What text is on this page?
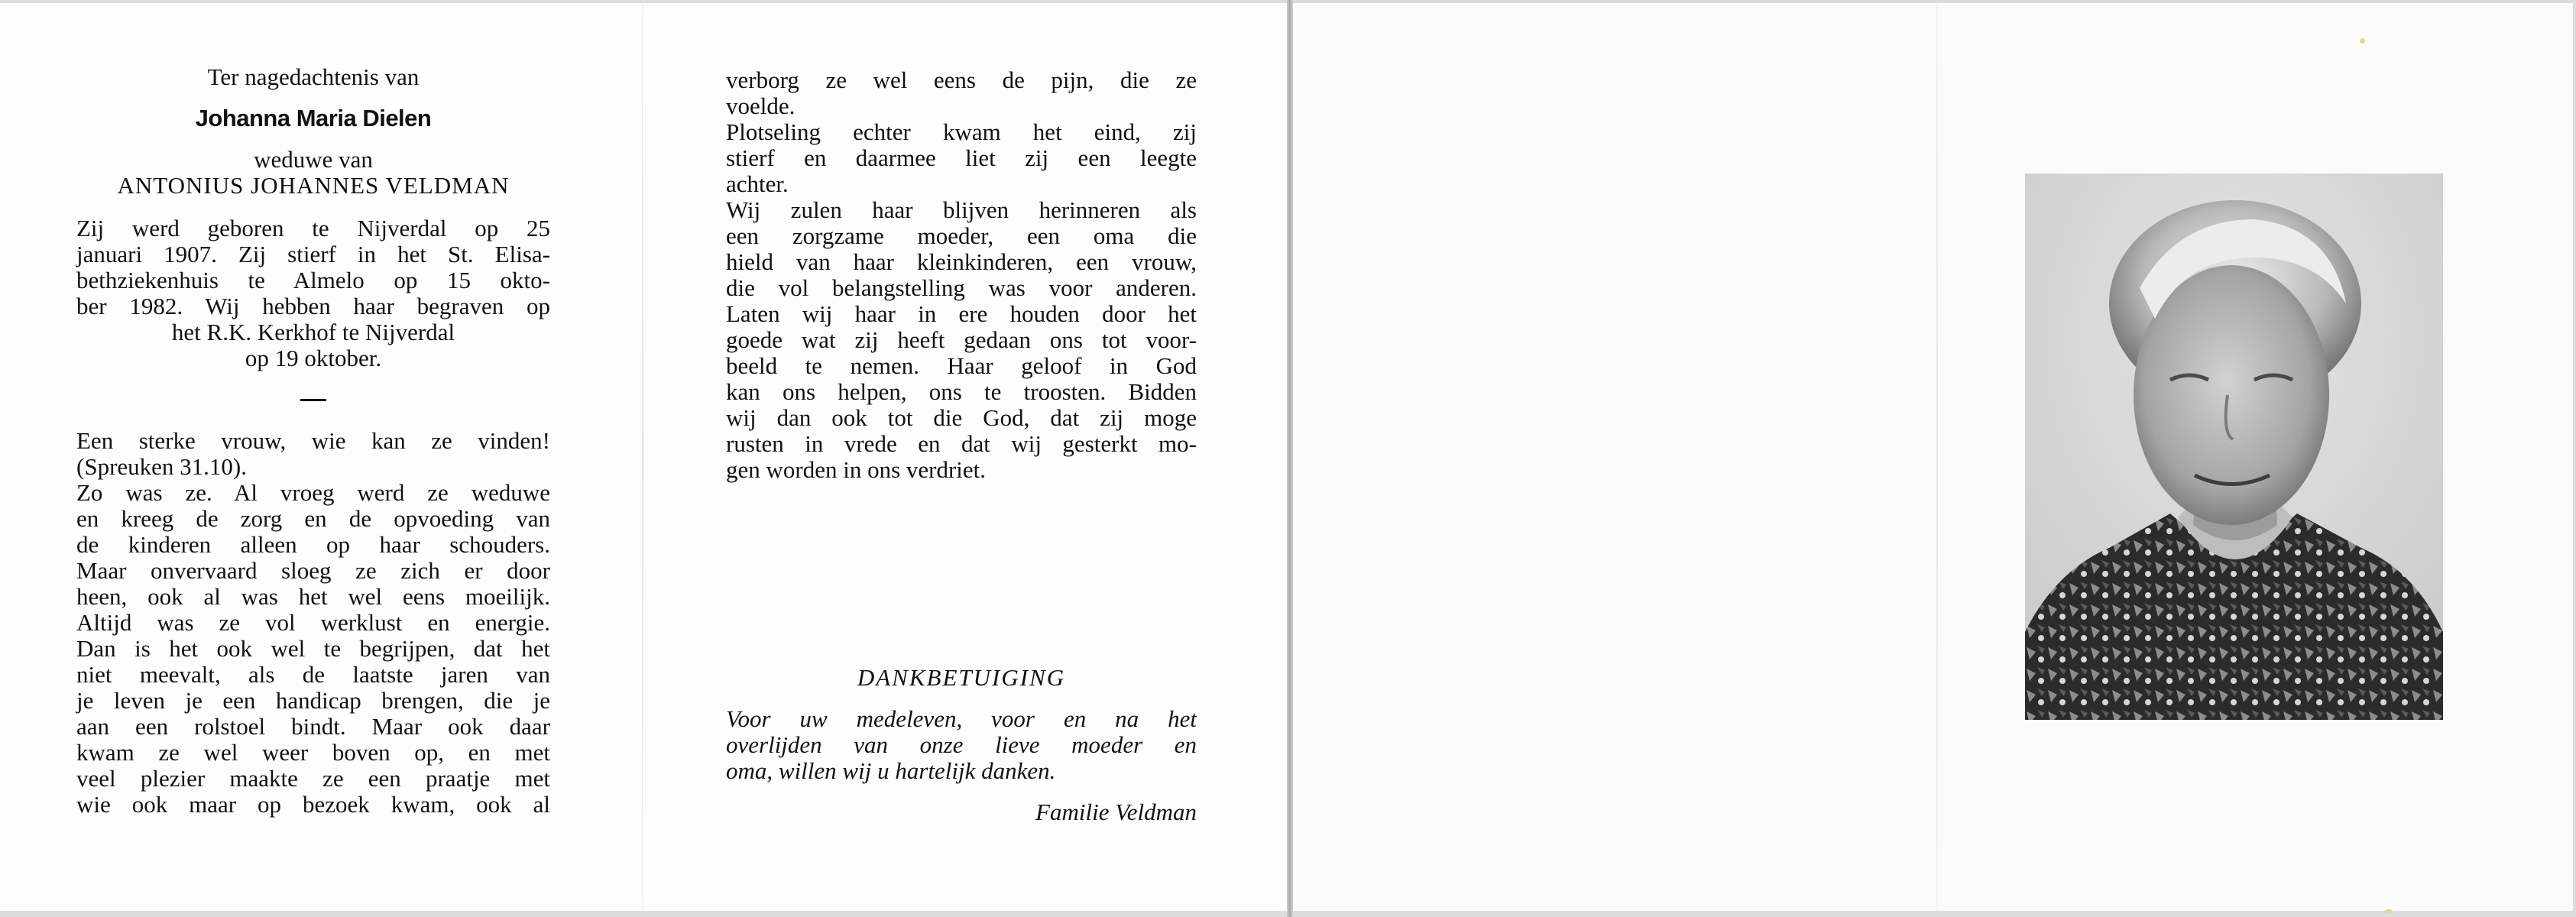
Ter nagedachtenis van
Johanna Maria Dielen
weduwe van
ANTONIUS JOHANNES VELDMAN
Zij werd geboren te Nijverdal op 25
januari 1907. Zij stierf in het St. Elisa-
bethziekenhuis te Almelo op 15 okto-
ber 1982. Wij hebben haar begraven op
het R.K. Kerkhof te Nijverdal
op 19 oktober.
Een sterke vrouw, wie kan ze vinden!
(Spreuken 31.10).
Zo was ze. Al vroeg werd ze weduwe
en kreeg de zorg en de opvoeding van
de kinderen alleen op haar schouders.
Maar onvervaard sloeg ze zich er door
heen, ook al was het wel eens moeilijk.
Altijd was ze vol werklust en energie.
Dan is het ook wel te begrijpen, dat het
niet meevalt, als de laatste jaren van
je leven je een handicap brengen, die je
aan een rolstoel bindt. Maar ook daar
kwam ze wel weer boven op, en met
veel plezier maakte ze een praatje met
wie ook maar op bezoek kwam, ook al
verborg ze wel eens de pijn, die ze
voelde.
Plotseling echter kwam het eind, zij
stierf en daarmee liet zij een leegte
achter.
Wij zulen haar blijven herinneren als
een zorgzame moeder, een oma die
hield van haar kleinkinderen, een vrouw,
die vol belangstelling was voor anderen.
Laten wij haar in ere houden door het
goede wat zij heeft gedaan ons tot voor-
beeld te nemen. Haar geloof in God
kan ons helpen, ons te troosten. Bidden
wij dan ook tot die God, dat zij moge
rusten in vrede en dat wij gesterkt mo-
gen worden in ons verdriet.
DANKBETUIGING
Voor uw medeleven, voor en na het
overlijden van onze lieve moeder en
oma, willen wij u hartelijk danken.
Familie Veldman
